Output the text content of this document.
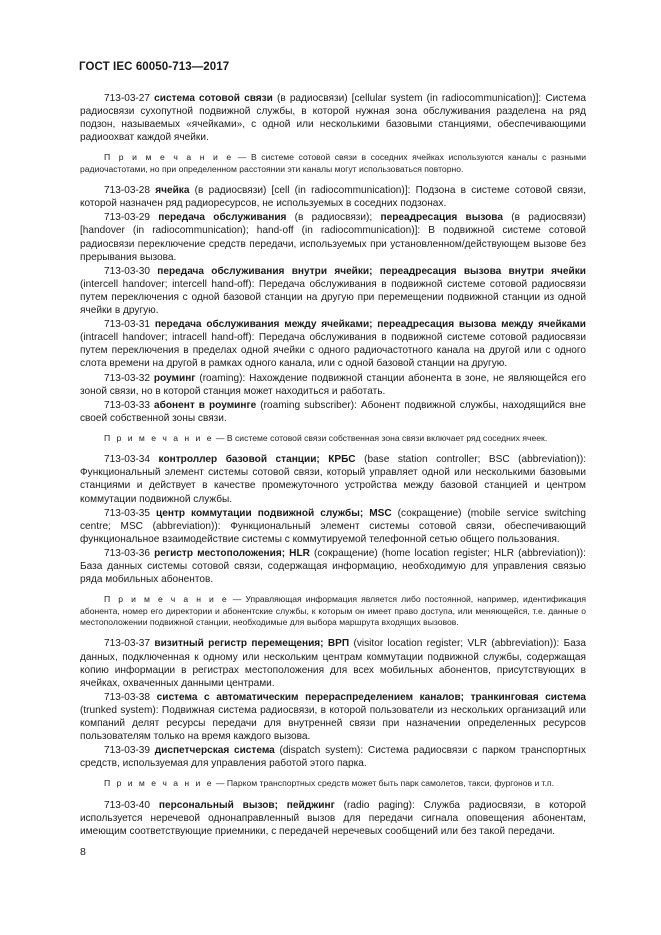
ГОСТ IEC 60050-713—2017

713-03-27 система сотовой связи (в радиосвязи) [cellular system (in radiocommunication)]: Система радиосвязи сухопутной подвижной службы, в которой нужная зона обслуживания разделена на ряд подзон, называемых «ячейками», с одной или несколькими базовыми станциями, обеспечивающими радиоохват каждой ячейки.

П р и м е ч а н и е — В системе сотовой связи в соседних ячейках используются каналы с разными радиочастотами, но при определенном расстоянии эти каналы могут использоваться повторно.

713-03-28 ячейка (в радиосвязи) [cell (in radiocommunication)]: Подзона в системе сотовой связи, которой назначен ряд радиоресурсов, не используемых в соседних подзонах.

713-03-29 передача обслуживания (в радиосвязи); переадресация вызова (в радиосвязи) [handover (in radiocommunication); hand-off (in radiocommunication)]: В подвижной системе сотовой радиосвязи переключение средств передачи, используемых при установленном/действующем вызове без прерывания вызова.

713-03-30 передача обслуживания внутри ячейки; переадресация вызова внутри ячейки (intercell handover; intercell hand-off): Передача обслуживания в подвижной системе сотовой радиосвязи путем переключения с одной базовой станции на другую при перемещении подвижной станции из одной ячейки в другую.

713-03-31 передача обслуживания между ячейками; переадресация вызова между ячейками (intracell handover; intracell hand-off): Передача обслуживания в подвижной системе сотовой радиосвязи путем переключения в пределах одной ячейки с одного радиочастотного канала на другой или с одного слота времени на другой в рамках одного канала, или с одной базовой станции на другую.

713-03-32 роуминг (roaming): Нахождение подвижной станции абонента в зоне, не являющейся его зоной связи, но в которой станция может находиться и работать.

713-03-33 абонент в роуминге (roaming subscriber): Абонент подвижной службы, находящийся вне своей собственной зоны связи.

П р и м е ч а н и е — В системе сотовой связи собственная зона связи включает ряд соседних ячеек.

713-03-34 контроллер базовой станции; КРБС (base station controller; BSC (abbreviation)): Функциональный элемент системы сотовой связи, который управляет одной или несколькими базовыми станциями и действует в качестве промежуточного устройства между базовой станцией и центром коммутации подвижной службы.

713-03-35 центр коммутации подвижной службы; MSC (сокращение) (mobile service switching centre; MSC (abbreviation)): Функциональный элемент системы сотовой связи, обеспечивающий функциональное взаимодействие системы с коммутируемой телефонной сетью общего пользования.

713-03-36 регистр местоположения; HLR (сокращение) (home location register; HLR (abbreviation)): База данных системы сотовой связи, содержащая информацию, необходимую для управления связью ряда мобильных абонентов.

П р и м е ч а н и е — Управляющая информация является либо постоянной, например, идентификация абонента, номер его директории и абонентские службы, к которым он имеет право доступа, или меняющейся, т.е. данные о местоположении подвижной станции, необходимые для выбора маршрута входящих вызовов.

713-03-37 визитный регистр перемещения; ВРП (visitor location register; VLR (abbreviation)): База данных, подключенная к одному или нескольким центрам коммутации подвижной службы, содержащая копию информации в регистрах местоположения для всех мобильных абонентов, присутствующих в ячейках, охваченных данными центрами.

713-03-38 система с автоматическим перераспределением каналов; транкинговая система (trunked system): Подвижная система радиосвязи, в которой пользователи из нескольких организаций или компаний делят ресурсы передачи для внутренней связи при назначении определенных ресурсов пользователям только на время каждого вызова.

713-03-39 диспетчерская система (dispatch system): Система радиосвязи с парком транспортных средств, используемая для управления работой этого парка.

П р и м е ч а н и е — Парком транспортных средств может быть парк самолетов, такси, фургонов и т.п.

713-03-40 персональный вызов; пейджинг (radio paging): Служба радиосвязи, в которой используется неречевой однонаправленный вызов для передачи сигнала оповещения абонентам, имеющим соответствующие приемники, с передачей неречевых сообщений или без такой передачи.

8
